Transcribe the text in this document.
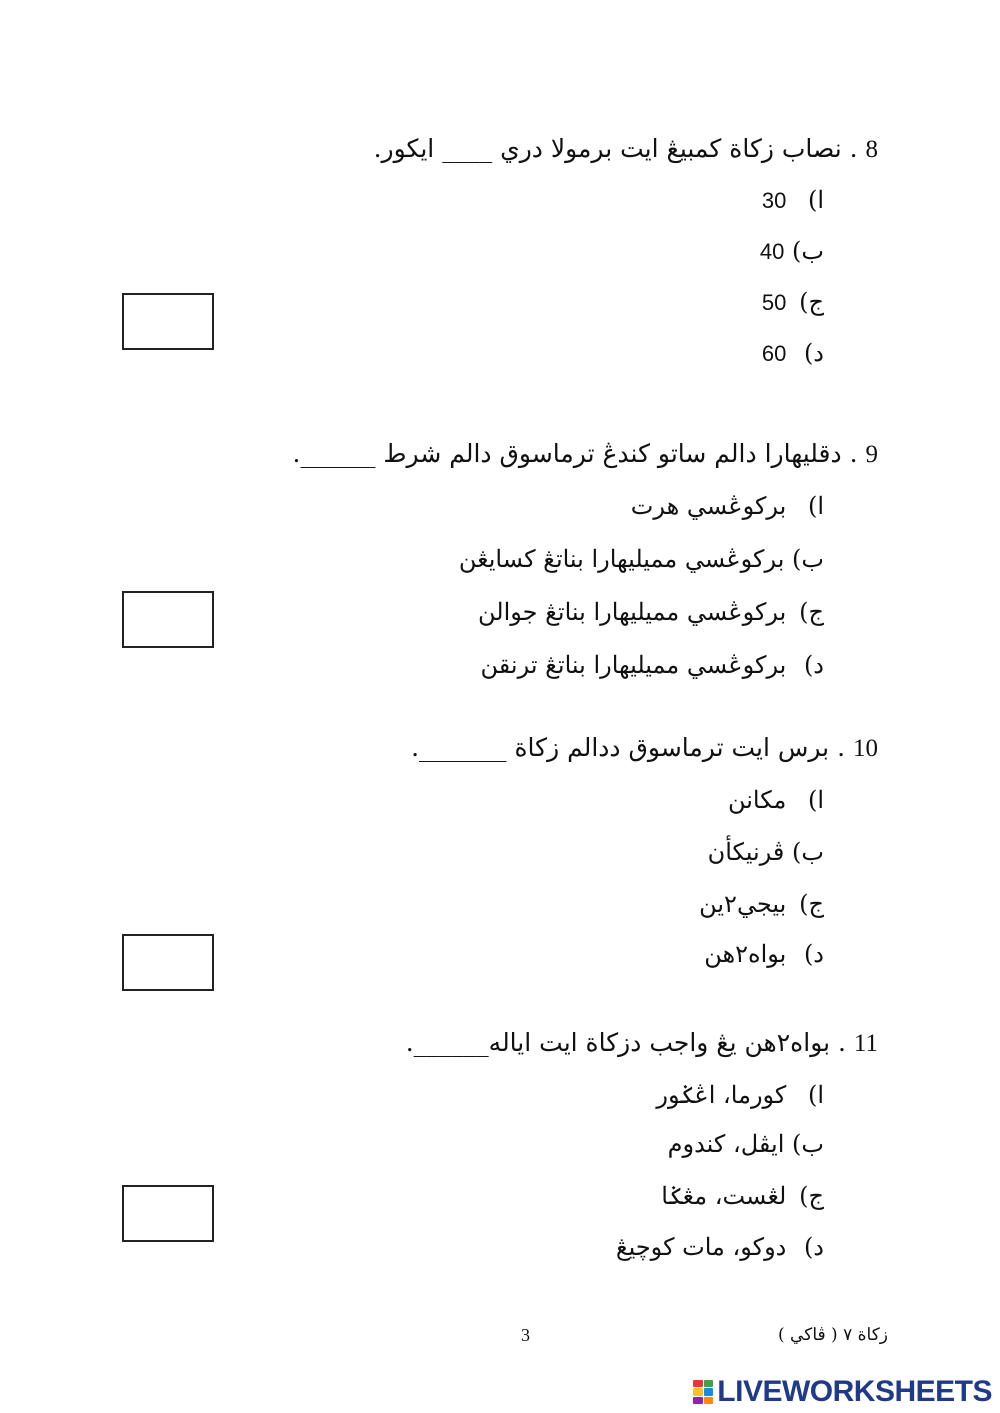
8 . نصاب زكاة كمبيڠ ايت برمولا دري ____ ايكور.
ا) 30
ب) 40
ج) 50
د) 60
9 . دقليهارا دالم ساتو كندڠ ترماسوق دالم شرط ______.
ا) بركوڠسي هرت
ب) بركوڠسي مميليهارا بناتڠ كسايڠن
ج) بركوڠسي مميليهارا بناتڠ جوالن
د) بركوڠسي مميليهارا بناتڠ ترنقن
10 . برس ايت ترماسوق ددالم زكاة _______.
ا) مكانن
ب) ڤرنيكأن
ج) بيجي٢ين
د) بواه٢هن
11 . بواه٢هن يڠ واجب دزكاة ايت اياله______.
ا) كورما، اڠݢور
ب) ايڤل، كندوم
ج) لڠست، مڠݢا
د) دوكو، مات كوچيڠ
زكاة ٧ ( ڤاكي )
3
LIVEWORKSHEETS
